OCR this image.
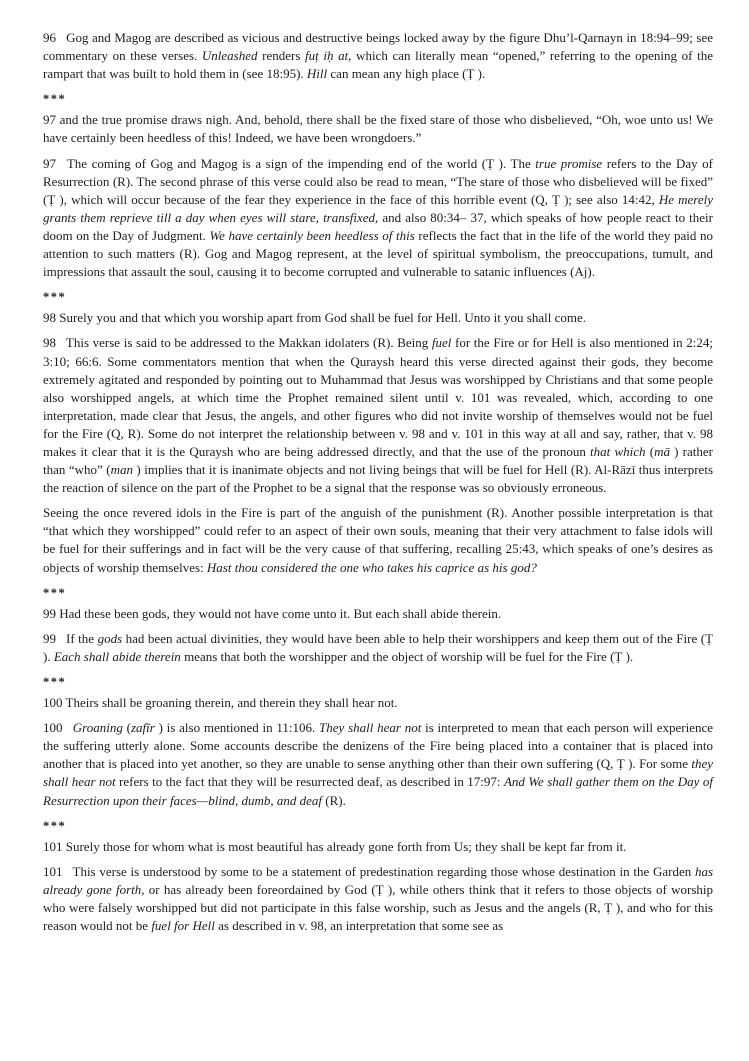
96  Gog and Magog are described as vicious and destructive beings locked away by the figure Dhu’l-Qarnayn in 18:94–99; see commentary on these verses. Unleashed renders fuṭ iḥ at, which can literally mean “opened,” referring to the opening of the rampart that was built to hold them in (see 18:95). Hill can mean any high place (Ṭ ).

***

97 and the true promise draws nigh. And, behold, there shall be the fixed stare of those who disbelieved, “Oh, woe unto us! We have certainly been heedless of this! Indeed, we have been wrongdoers.”

97  The coming of Gog and Magog is a sign of the impending end of the world (Ṭ ). The true promise refers to the Day of Resurrection (R). The second phrase of this verse could also be read to mean, “The stare of those who disbelieved will be fixed” (Ṭ ), which will occur because of the fear they experience in the face of this horrible event (Q, Ṭ ); see also 14:42, He merely grants them reprieve till a day when eyes will stare, transfixed, and also 80:34– 37, which speaks of how people react to their doom on the Day of Judgment. We have certainly been heedless of this reflects the fact that in the life of the world they paid no attention to such matters (R). Gog and Magog represent, at the level of spiritual symbolism, the preoccupations, tumult, and impressions that assault the soul, causing it to become corrupted and vulnerable to satanic influences (Aj).

***

98 Surely you and that which you worship apart from God shall be fuel for Hell. Unto it you shall come.

98  This verse is said to be addressed to the Makkan idolaters (R). Being fuel for the Fire or for Hell is also mentioned in 2:24; 3:10; 66:6. Some commentators mention that when the Quraysh heard this verse directed against their gods, they become extremely agitated and responded by pointing out to Muhammad that Jesus was worshipped by Christians and that some people also worshipped angels, at which time the Prophet remained silent until v. 101 was revealed, which, according to one interpretation, made clear that Jesus, the angels, and other figures who did not invite worship of themselves would not be fuel for the Fire (Q, R). Some do not interpret the relationship between v. 98 and v. 101 in this way at all and say, rather, that v. 98 makes it clear that it is the Quraysh who are being addressed directly, and that the use of the pronoun that which (mā ) rather than “who” (man ) implies that it is inanimate objects and not living beings that will be fuel for Hell (R). Al-Rāzī thus interprets the reaction of silence on the part of the Prophet to be a signal that the response was so obviously erroneous.

Seeing the once revered idols in the Fire is part of the anguish of the punishment (R). Another possible interpretation is that “that which they worshipped” could refer to an aspect of their own souls, meaning that their very attachment to false idols will be fuel for their sufferings and in fact will be the very cause of that suffering, recalling 25:43, which speaks of one’s desires as objects of worship themselves: Hast thou considered the one who takes his caprice as his god?

***

99 Had these been gods, they would not have come unto it. But each shall abide therein.

99  If the gods had been actual divinities, they would have been able to help their worshippers and keep them out of the Fire (Ṭ ). Each shall abide therein means that both the worshipper and the object of worship will be fuel for the Fire (Ṭ ).

***

100 Theirs shall be groaning therein, and therein they shall hear not.

100  Groaning (zafīr ) is also mentioned in 11:106. They shall hear not is interpreted to mean that each person will experience the suffering utterly alone. Some accounts describe the denizens of the Fire being placed into a container that is placed into another that is placed into yet another, so they are unable to sense anything other than their own suffering (Q, Ṭ ). For some they shall hear not refers to the fact that they will be resurrected deaf, as described in 17:97: And We shall gather them on the Day of Resurrection upon their faces—blind, dumb, and deaf (R).

***

101 Surely those for whom what is most beautiful has already gone forth from Us; they shall be kept far from it.

101  This verse is understood by some to be a statement of predestination regarding those whose destination in the Garden has already gone forth, or has already been foreordained by God (Ṭ ), while others think that it refers to those objects of worship who were falsely worshipped but did not participate in this false worship, such as Jesus and the angels (R, Ṭ ), and who for this reason would not be fuel for Hell as described in v. 98, an interpretation that some see as
